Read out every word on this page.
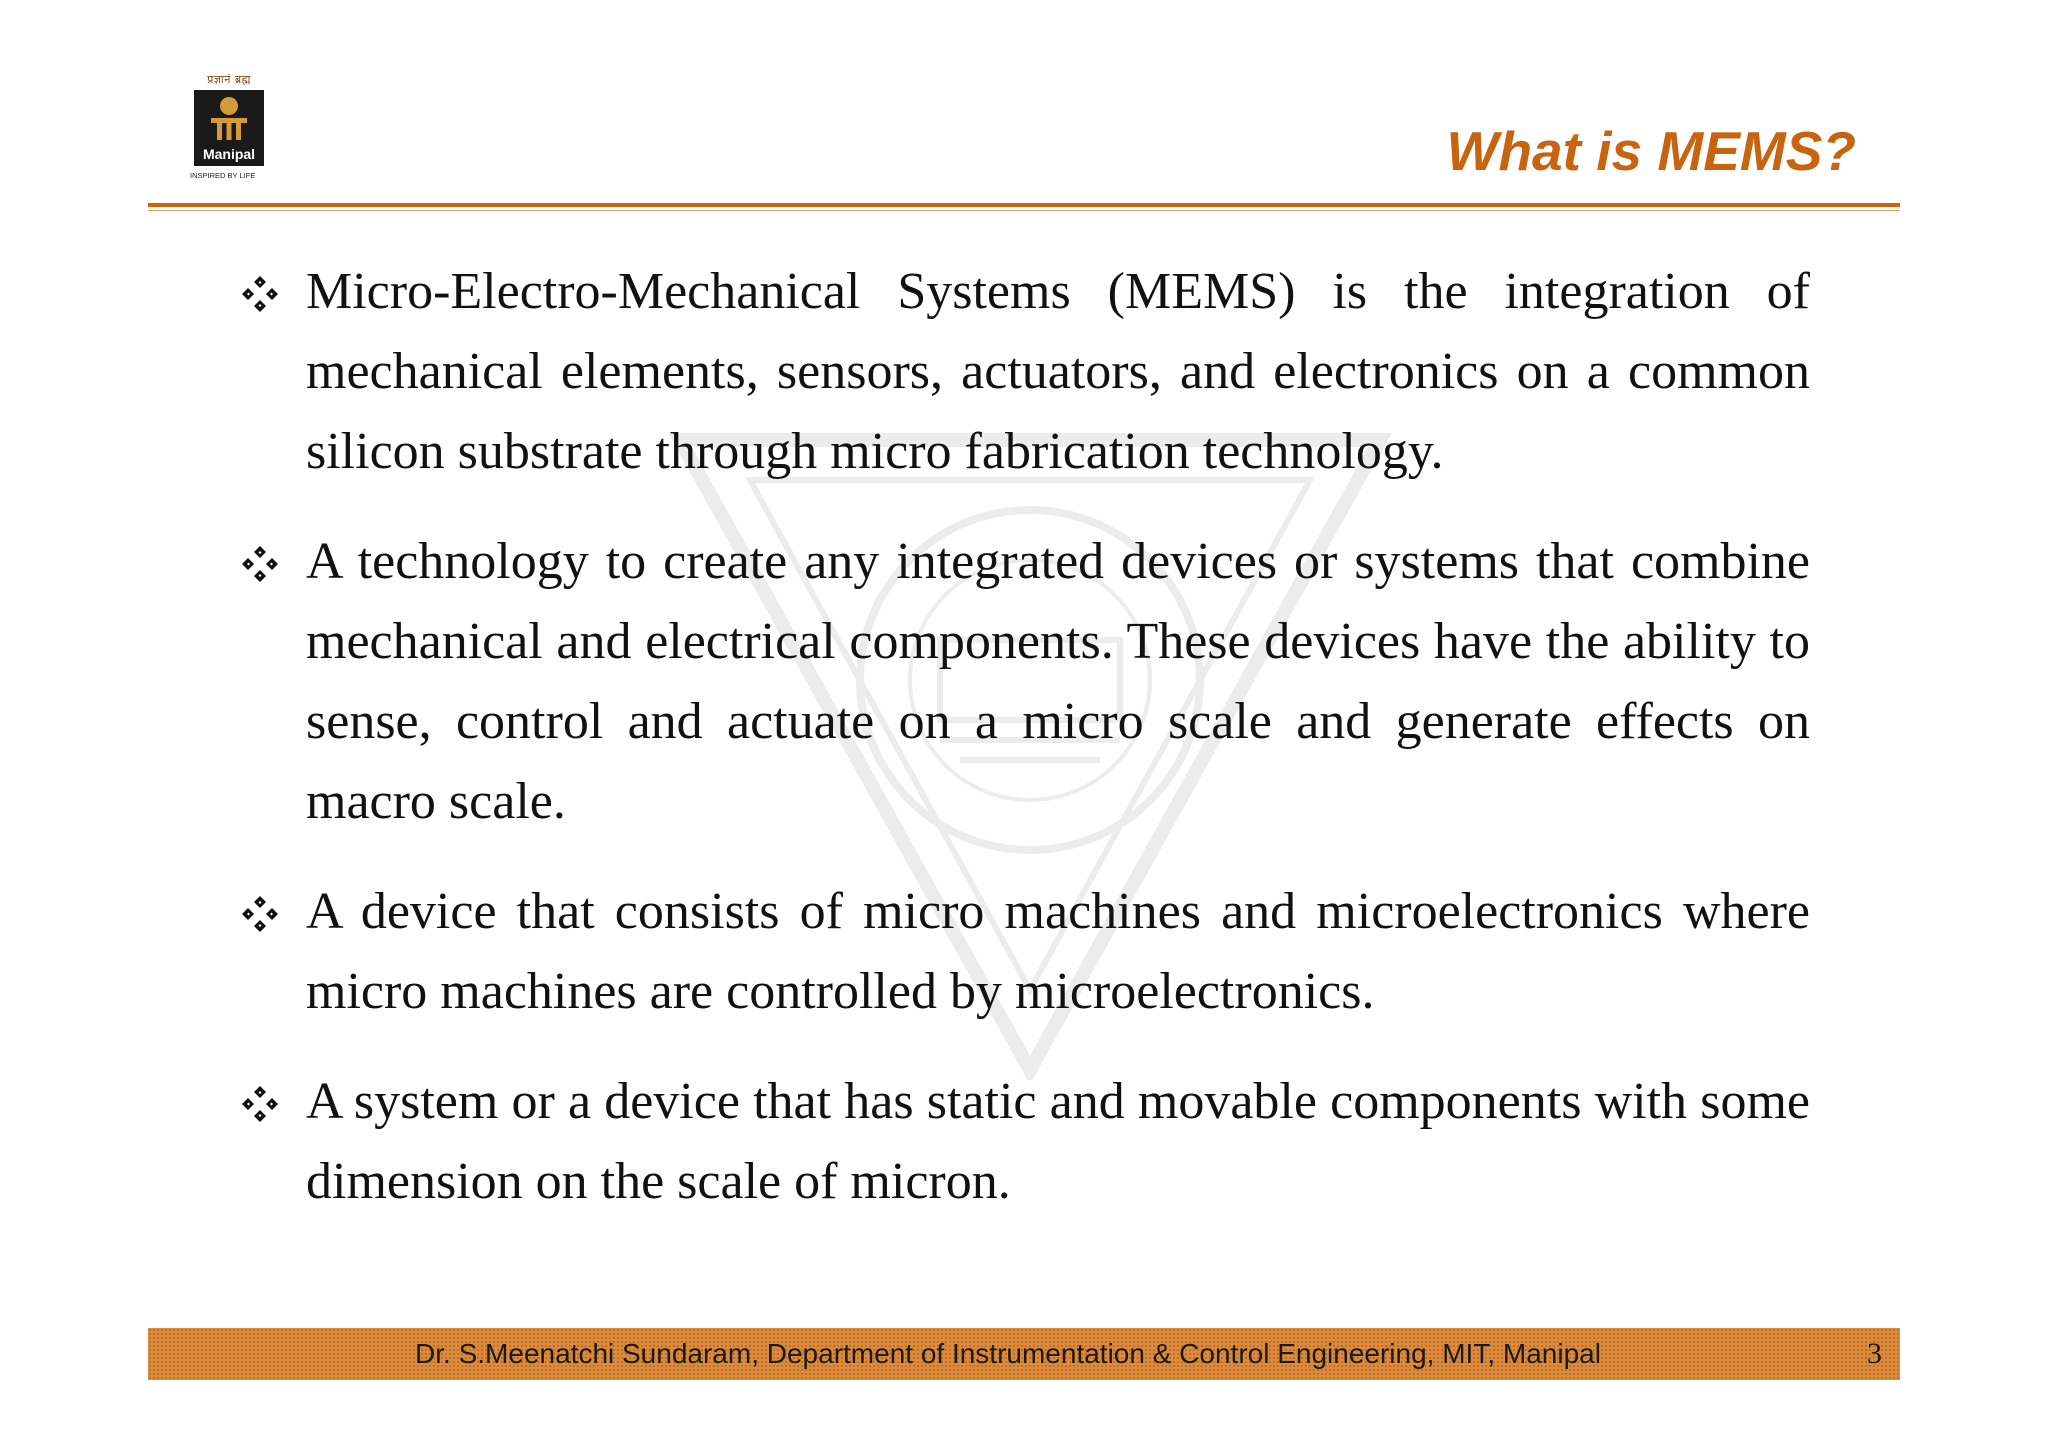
प्रज्ञानं ब्रह्म
Manipal
INSPIRED BY LIFE	What is MEMS?
Micro-Electro-Mechanical Systems (MEMS) is the integration of mechanical elements, sensors, actuators, and electronics on a common silicon substrate through micro fabrication technology.
A technology to create any integrated devices or systems that combine mechanical and electrical components. These devices have the ability to sense, control and actuate on a micro scale and generate effects on macro scale.
A device that consists of micro machines and microelectronics where micro machines are controlled by microelectronics.
A system or a device that has static and movable components with some dimension on the scale of micron.
Dr. S.Meenatchi Sundaram, Department of Instrumentation & Control Engineering, MIT, Manipal	3
